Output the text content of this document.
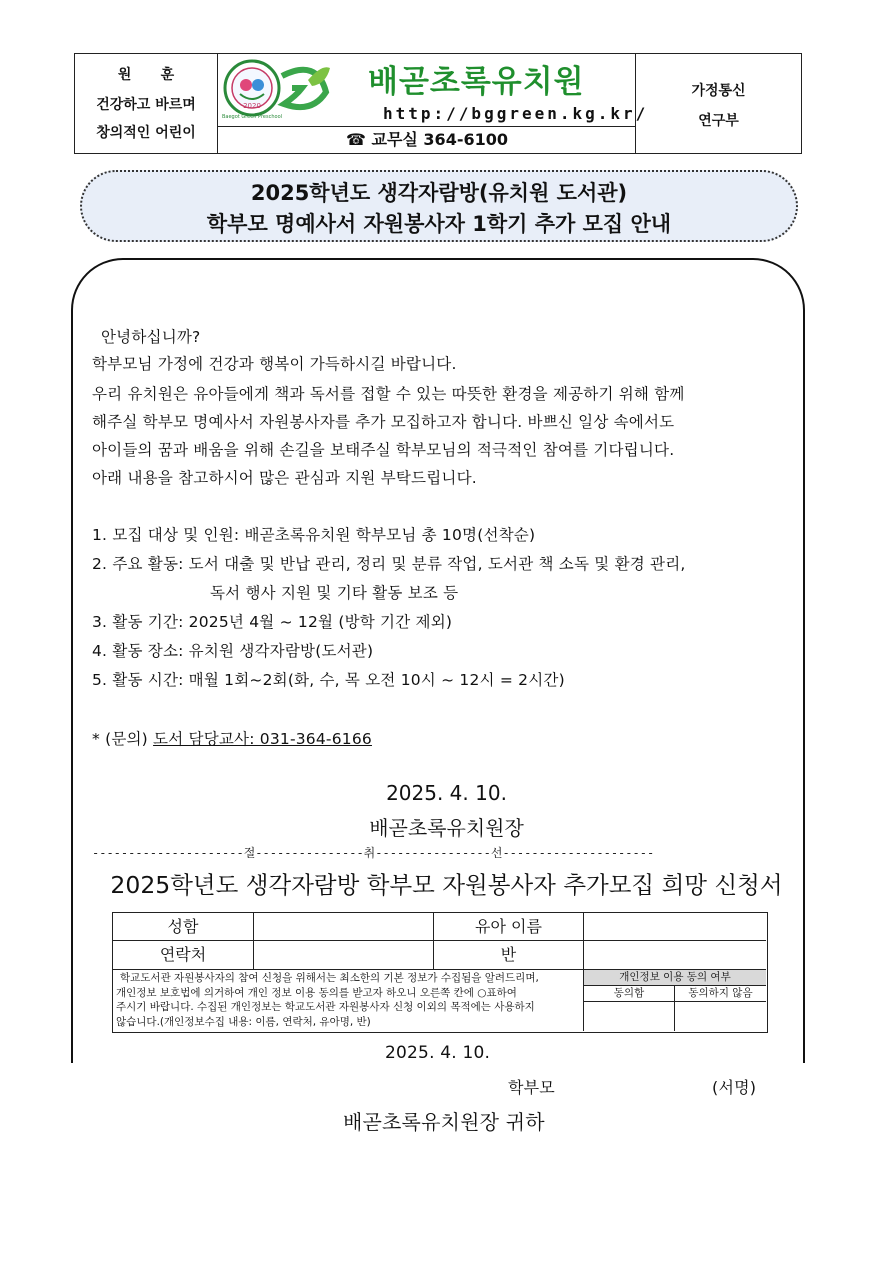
원      훈
건강하고 바르며
창의적인 어린이
2020
Baegot Green Preschool
배곧초록유치원
http://bggreen.kg.kr/
☎ 교무실 364-6100
가정통신
연구부
2025학년도 생각자람방(유치원 도서관)
학부모 명예사서 자원봉사자 1학기 추가 모집 안내
안녕하십니까?
학부모님 가정에 건강과 행복이 가득하시길 바랍니다.
우리 유치원은 유아들에게 책과 독서를 접할 수 있는 따뜻한 환경을 제공하기 위해 함께
해주실 학부모 명예사서 자원봉사자를 추가 모집하고자 합니다. 바쁘신 일상 속에서도
아이들의 꿈과 배움을 위해 손길을 보태주실 학부모님의 적극적인 참여를 기다립니다.
아래 내용을 참고하시어 많은 관심과 지원 부탁드립니다.
1. 모집 대상 및 인원: 배곧초록유치원 학부모님 총 10명(선착순)
2. 주요 활동: 도서 대출 및 반납 관리, 정리 및 분류 작업, 도서관 책 소독 및 환경 관리,
독서 행사 지원 및 기타 활동 보조 등
3. 활동 기간: 2025년 4월 ~ 12월 (방학 기간 제외)
4. 활동 장소: 유치원 생각자람방(도서관)
5. 활동 시간: 매월 1회~2회(화, 수, 목 오전 10시 ~ 12시 = 2시간)
* (문의) 도서 담당교사: 031-364-6166
2025. 4. 10.
배곧초록유치원장
---------------------절---------------취----------------선---------------------
2025학년도 생각자람방 학부모 자원봉사자 추가모집 희망 신청서
성함	유아 이름
연락처	반
학교도서관 자원봉사자의 참여 신청을 위해서는 최소한의 기본 정보가 수집됨을 알려드리며,
개인정보 보호법에 의거하여 개인 정보 이용 동의를 받고자 하오니 오른쪽 칸에 ○표하여
주시기 바랍니다. 수집된 개인정보는 학교도서관 자원봉사자 신청 이외의 목적에는 사용하지
않습니다.(개인정보수집 내용: 이름, 연락처, 유아명, 반)
개인정보 이용 동의 여부
동의함	동의하지 않음
2025. 4. 10.
학부모	(서명)
배곧초록유치원장 귀하
